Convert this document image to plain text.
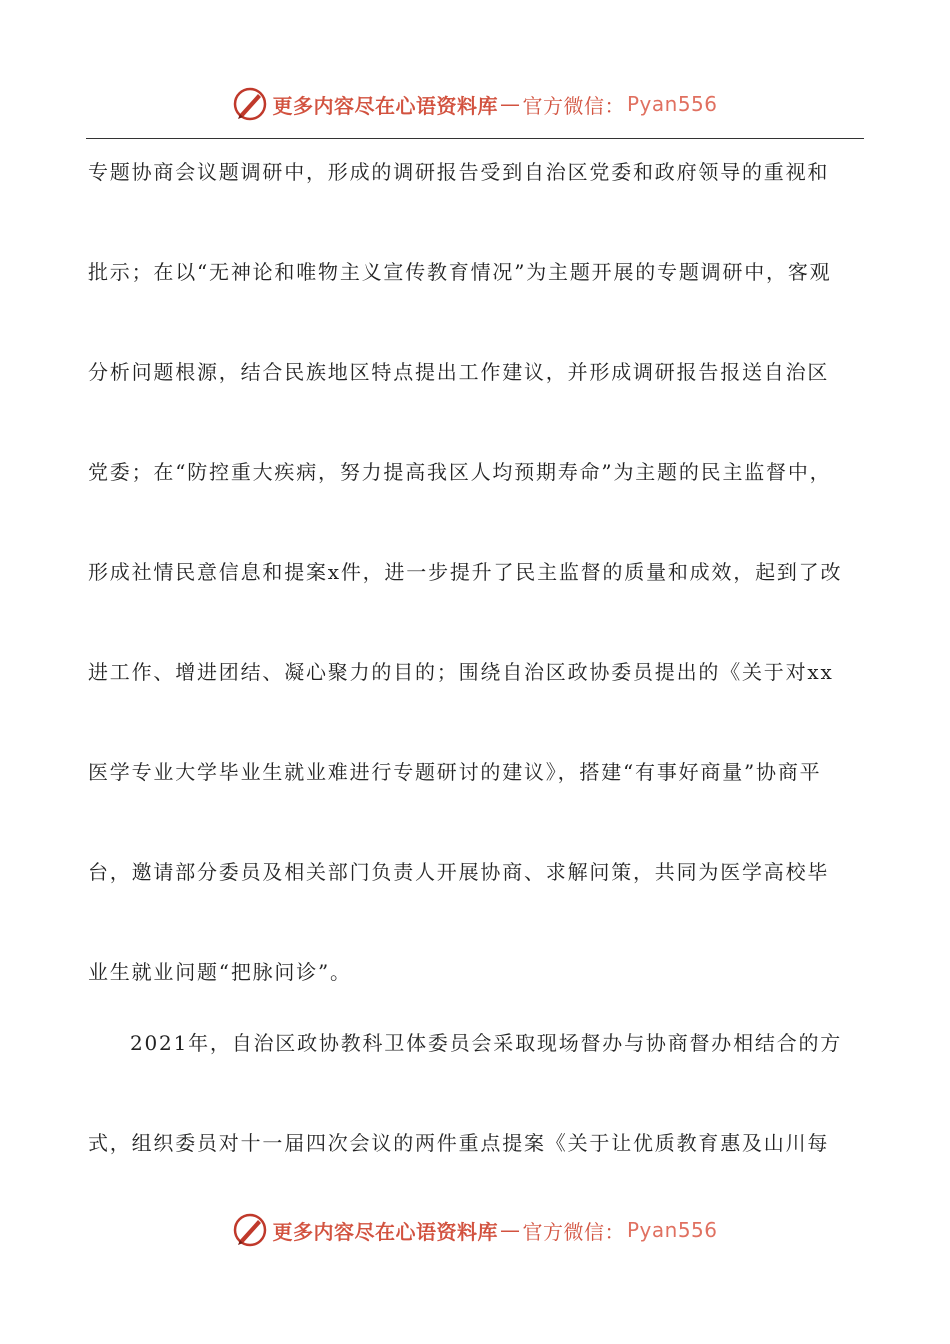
更多内容尽在心语资料库 — 官方微信： Pyan556

专题协商会议题调研中，形成的调研报告受到自治区党委和政府领导的重视和批示；在以“无神论和唯物主义宣传教育情况”为主题开展的专题调研中，客观分析问题根源，结合民族地区特点提出工作建议，并形成调研报告报送自治区党委；在“防控重大疾病，努力提高我区人均预期寿命”为主题的民主监督中，形成社情民意信息和提案x件，进一步提升了民主监督的质量和成效，起到了改进工作、增进团结、凝心聚力的目的；围绕自治区政协委员提出的《关于对xx医学专业大学毕业生就业难进行专题研讨的建议》，搭建“有事好商量”协商平台，邀请部分委员及相关部门负责人开展协商、求解问策，共同为医学高校毕业生就业问题“把脉问诊”。

2021年，自治区政协教科卫体委员会采取现场督办与协商督办相结合的方式，组织委员对十一届四次会议的两件重点提案《关于让优质教育惠及山川每

更多内容尽在心语资料库 — 官方微信： Pyan556
